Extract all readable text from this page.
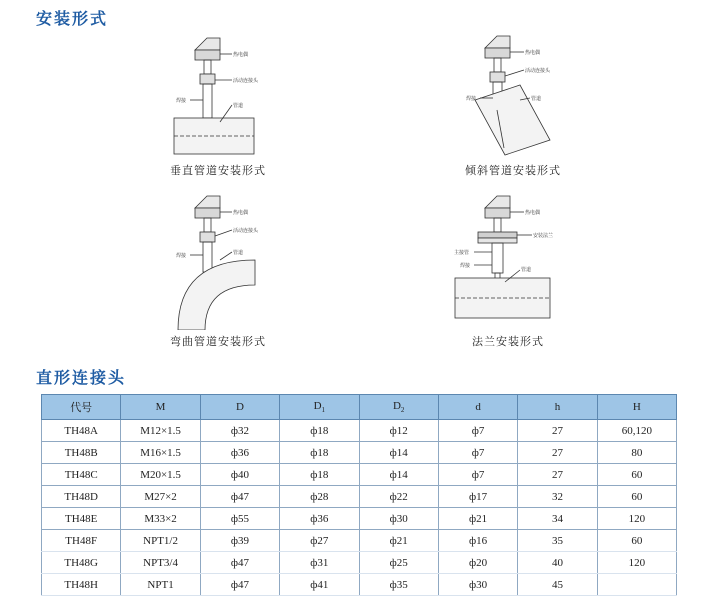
安装形式
热电偶
活动连接头
焊接
管道
垂直管道安装形式
热电偶
活动连接头
焊接	管道
倾斜管道安装形式
热电偶
活动连接头
焊接	管道
弯曲管道安装形式
热电偶
安装法兰
主接管
焊接
管道
法兰安装形式
直形连接头
代号	M	D	$D_1$	$D_2$	d	h	H
TH48A	M12×1.5	ф32	ф18	ф12	ф7	27	60,120
TH48B	M16×1.5	ф36	ф18	ф14	ф7	27	80
TH48C	M20×1.5	ф40	ф18	ф14	ф7	27	60
TH48D	M27×2	ф47	ф28	ф22	ф17	32	60
TH48E	M33×2	ф55	ф36	ф30	ф21	34	120
TH48F	NPT1/2	ф39	ф27	ф21	ф16	35	60
TH48G	NPT3/4	ф47	ф31	ф25	ф20	40	120
TH48H	NPT1	ф47	ф41	ф35	ф30	45	
